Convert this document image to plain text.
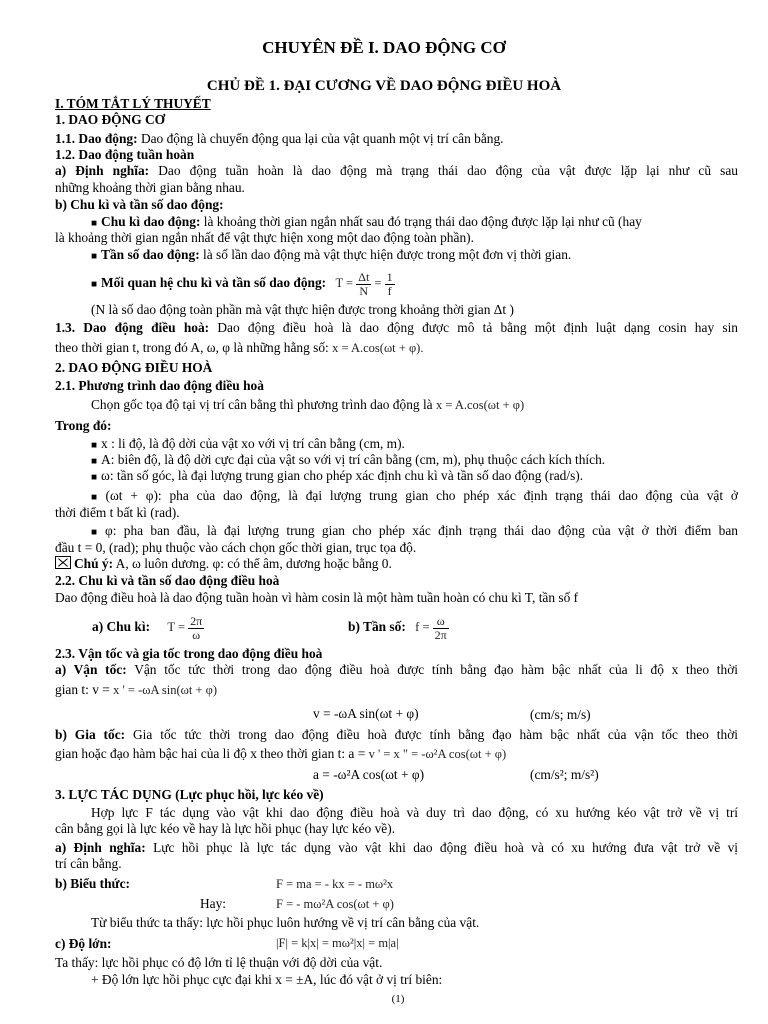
CHUYÊN ĐỀ I. DAO ĐỘNG CƠ
CHỦ ĐỀ 1. ĐẠI CƯƠNG VỀ DAO ĐỘNG ĐIỀU HOÀ
I. TÓM TẮT LÝ THUYẾT
1. DAO ĐỘNG CƠ
1.1. Dao động: Dao động là chuyển động qua lại của vật quanh một vị trí cân bằng.
1.2. Dao động tuần hoàn
a) Định nghĩa: Dao động tuần hoàn là dao động mà trạng thái dao động của vật được lặp lại như cũ sau
những khoảng thời gian bằng nhau.
b) Chu kì và tần số dao động:
■ Chu kì dao động: là khoảng thời gian ngắn nhất sau đó trạng thái dao động được lặp lại như cũ (hay
là khoảng thời gian ngắn nhất để vật thực hiện xong một dao động toàn phần).
■ Tần số dao động: là số lần dao động mà vật thực hiện được trong một đơn vị thời gian.
■ Mối quan hệ chu kì và tần số dao động: $T = \frac{\Delta t}{N} = \frac{1}{f}$
(N là số dao động toàn phần mà vật thực hiện được trong khoảng thời gian Δt )
1.3. Dao động điều hoà: Dao động điều hoà là dao động được mô tả bằng một định luật dạng cosin hay sin
theo thời gian t, trong đó A, ω, φ là những hằng số: x = A.cos(ωt + φ).
2. DAO ĐỘNG ĐIỀU HOÀ
2.1. Phương trình dao động điều hoà
Chọn gốc tọa độ tại vị trí cân bằng thì phương trình dao động là x = A.cos(ωt + φ)
Trong đó:
■ x : li độ, là độ dời của vật xo với vị trí cân bằng (cm, m).
■ A: biên độ, là độ dời cực đại của vật so với vị trí cân bằng (cm, m), phụ thuộc cách kích thích.
■ ω: tần số góc, là đại lượng trung gian cho phép xác định chu kì và tần số dao động (rad/s).
■ (ωt + φ): pha của dao động, là đại lượng trung gian cho phép xác định trạng thái dao động của vật ở
thời điểm t bất kì (rad).
■ φ: pha ban đầu, là đại lượng trung gian cho phép xác định trạng thái dao động của vật ở thời điểm ban
đầu t = 0, (rad); phụ thuộc vào cách chọn gốc thời gian, trục tọa độ.
Chú ý: A, ω luôn dương. φ: có thể âm, dương hoặc bằng 0.
2.2. Chu kì và tần số dao động điều hoà
Dao động điều hoà là dao động tuần hoàn vì hàm cosin là một hàm tuần hoàn có chu kì T, tần số f
a) Chu kì: $T = \frac{2\pi}{\omega}$	b) Tần số: $f = \frac{\omega}{2\pi}$
2.3. Vận tốc và gia tốc trong dao động điều hoà
a) Vận tốc: Vận tốc tức thời trong dao động điều hoà được tính bằng đạo hàm bậc nhất của li độ x theo thời
gian t: v = x ' = -ωA sin(ωt + φ)
v = -ωA sin(ωt + φ)	(cm/s; m/s)
b) Gia tốc: Gia tốc tức thời trong dao động điều hoà được tính bằng đạo hàm bậc nhất của vận tốc theo thời
gian hoặc đạo hàm bậc hai của li độ x theo thời gian t: a = v ' = x " = -ω²A cos(ωt + φ)
a = -ω²A cos(ωt + φ)	(cm/s²; m/s²)
3. LỰC TÁC DỤNG (Lực phục hồi, lực kéo về)
Hợp lực F tác dụng vào vật khi dao động điều hoà và duy trì dao động, có xu hướng kéo vật trở về vị trí
cân bằng gọi là lực kéo về hay là lực hồi phục (hay lực kéo về).
a) Định nghĩa: Lực hồi phục là lực tác dụng vào vật khi dao động điều hoà và có xu hướng đưa vật trở về vị
trí cân bằng.
b) Biểu thức:	F = ma = - kx = - mω²x
Hay:	F = - mω²A cos(ωt + φ)
Từ biểu thức ta thấy: lực hồi phục luôn hướng về vị trí cân bằng của vật.
c) Độ lớn:	|F| = k|x| = mω²|x| = m|a|
Ta thấy: lực hồi phục có độ lớn tỉ lệ thuận với độ dời của vật.
+ Độ lớn lực hồi phục cực đại khi x = ±A, lúc đó vật ở vị trí biên:
(1)
